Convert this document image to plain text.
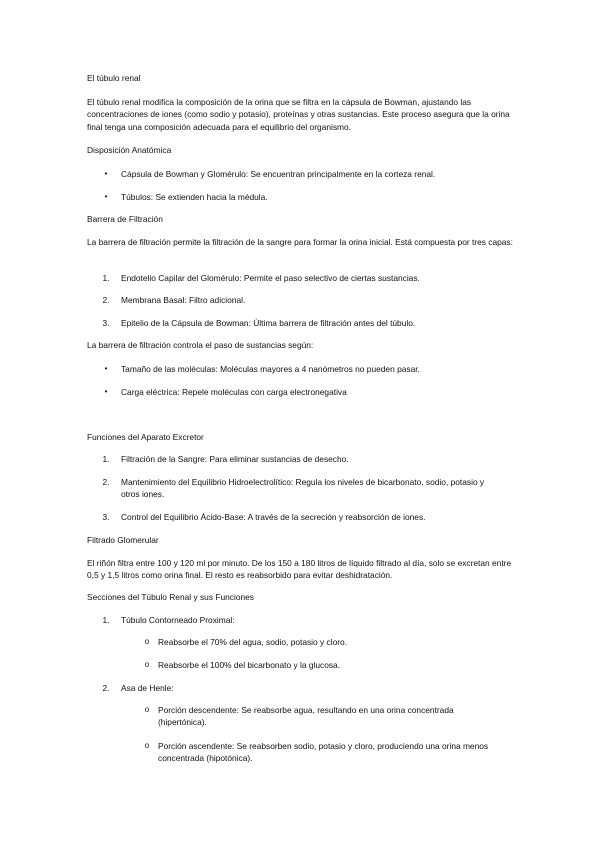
El túbulo renal

El túbulo renal modifica la composición de la orina que se filtra en la cápsula de Bowman, ajustando las concentraciones de iones (como sodio y potasio), proteínas y otras sustancias. Este proceso asegura que la orina final tenga una composición adecuada para el equilibrio del organismo.

Disposición Anatómica

•	Cápsula de Bowman y Glomérulo: Se encuentran principalmente en la corteza renal.

•	Túbulos: Se extienden hacia la médula.

Barrera de Filtración

La barrera de filtración permite la filtración de la sangre para formar la orina inicial. Está compuesta por tres capas:

1.	Endotelio Capilar del Glomérulo: Permite el paso selectivo de ciertas sustancias.

2.	Membrana Basal: Filtro adicional.

3.	Epitelio de la Cápsula de Bowman: Última barrera de filtración antes del túbulo.

La barrera de filtración controla el paso de sustancias según:

•	Tamaño de las moléculas: Moléculas mayores a 4 nanómetros no pueden pasar.

•	Carga eléctrica: Repele moléculas con carga electronegativa

Funciones del Aparato Excretor

1.	Filtración de la Sangre: Para eliminar sustancias de desecho.

2.	Mantenimiento del Equilibrio Hidroelectrolítico: Regula los niveles de bicarbonato, sodio, potasio y otros iones.

3.	Control del Equilibrio Ácido-Base: A través de la secreción y reabsorción de iones.

Filtrado Glomerular

El riñón filtra entre 100 y 120 ml por minuto. De los 150 a 180 litros de líquido filtrado al día, solo se excretan entre 0,5 y 1,5 litros como orina final. El resto es reabsorbido para evitar deshidratación.

Secciones del Túbulo Renal y sus Funciones

1.	Túbulo Contorneado Proximal:

o	Reabsorbe el 70% del agua, sodio, potasio y cloro.

o	Reabsorbe el 100% del bicarbonato y la glucosa.

2.	Asa de Henle:

o	Porción descendente: Se reabsorbe agua, resultando en una orina concentrada (hipertónica).

o	Porción ascendente: Se reabsorben sodio, potasio y cloro, produciendo una orina menos concentrada (hipotónica).
